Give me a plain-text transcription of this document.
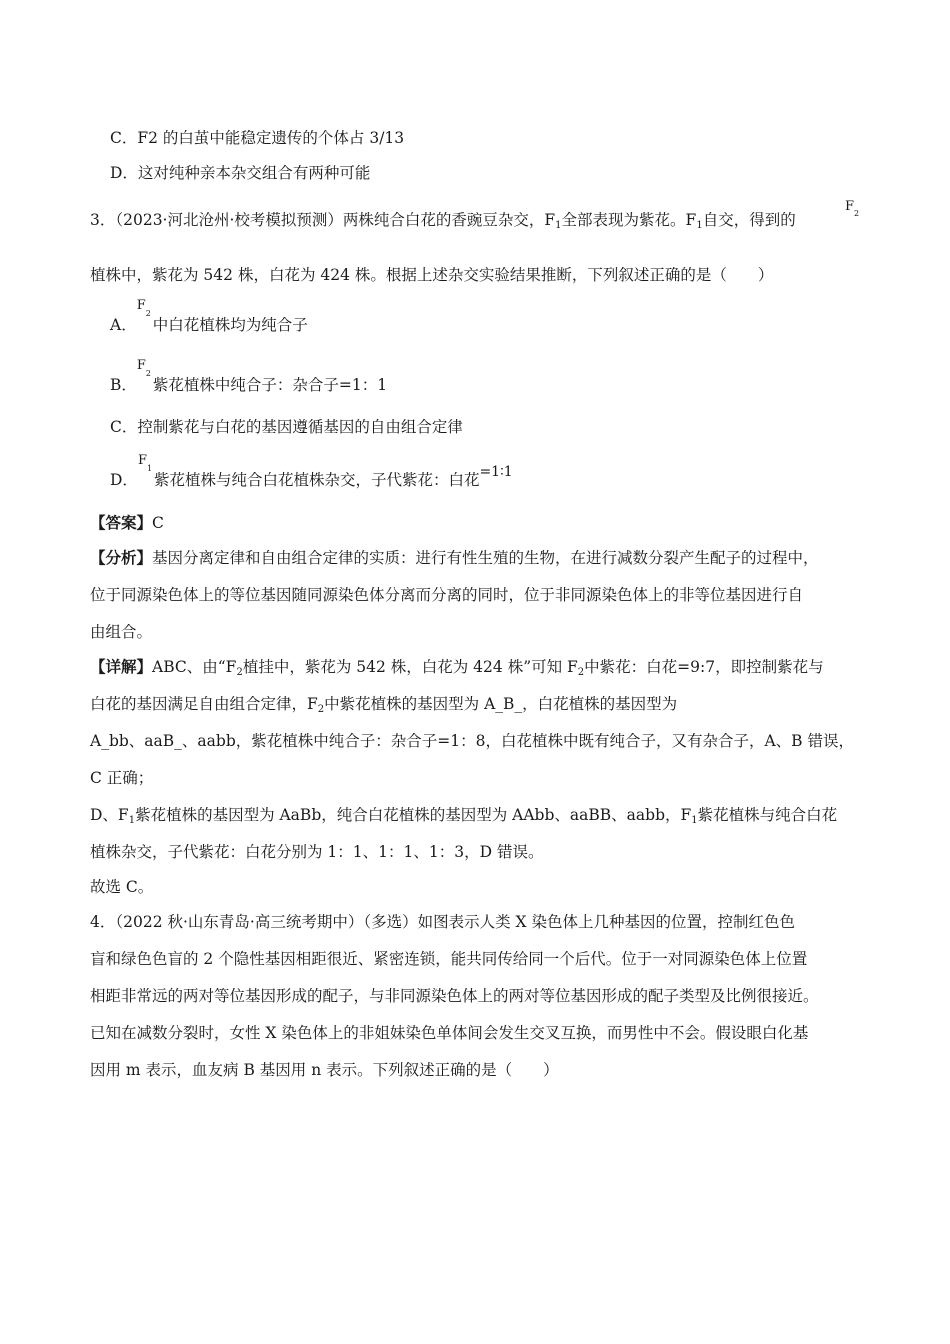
C．F2 的白茧中能稳定遗传的个体占 3/13
D．这对纯种亲本杂交组合有两种可能
3．（2023·河北沧州·校考模拟预测）两株纯合白花的香豌豆杂交，$F_1$全部表现为紫花。$F_1$自交，得到的
$F_2$
植株中，紫花为 542 株，白花为 424 株。根据上述杂交实验结果推断，下列叙述正确的是（　　）
A．
F
2
中白花植株均为纯合子
B．
F
2
紫花植株中纯合子：杂合子=1：1
C．控制紫花与白花的基因遵循基因的自由组合定律
D．
F
1
紫花植株与纯合白花植株杂交，子代紫花：白花=1∶1
【答案】C
【分析】基因分离定律和自由组合定律的实质：进行有性生殖的生物，在进行减数分裂产生配子的过程中，
位于同源染色体上的等位基因随同源染色体分离而分离的同时，位于非同源染色体上的非等位基因进行自
由组合。
【详解】ABC、由“$F_2$植挂中，紫花为 542 株，白花为 424 株”可知 $F_2$中紫花：白花=9:7，即控制紫花与
白花的基因满足自由组合定律，$F_2$中紫花植株的基因型为 A_B_，白花植株的基因型为
A_bb、aaB_、aabb，紫花植株中纯合子：杂合子=1：8，白花植株中既有纯合子，又有杂合子，A、B 错误，
C 正确；
D、$F_1$紫花植株的基因型为 AaBb，纯合白花植株的基因型为 AAbb、aaBB、aabb，$F_1$紫花植株与纯合白花
植株杂交，子代紫花：白花分别为 1：1、1：1、1：3，D 错误。
故选 C。
4．（2022 秋·山东青岛·高三统考期中）（多选）如图表示人类 X 染色体上几种基因的位置，控制红色色
盲和绿色色盲的 2 个隐性基因相距很近、紧密连锁，能共同传给同一个后代。位于一对同源染色体上位置
相距非常远的两对等位基因形成的配子，与非同源染色体上的两对等位基因形成的配子类型及比例很接近。
已知在减数分裂时，女性 X 染色体上的非姐妹染色单体间会发生交叉互换，而男性中不会。假设眼白化基
因用 m 表示，血友病 B 基因用 n 表示。下列叙述正确的是（　　）
